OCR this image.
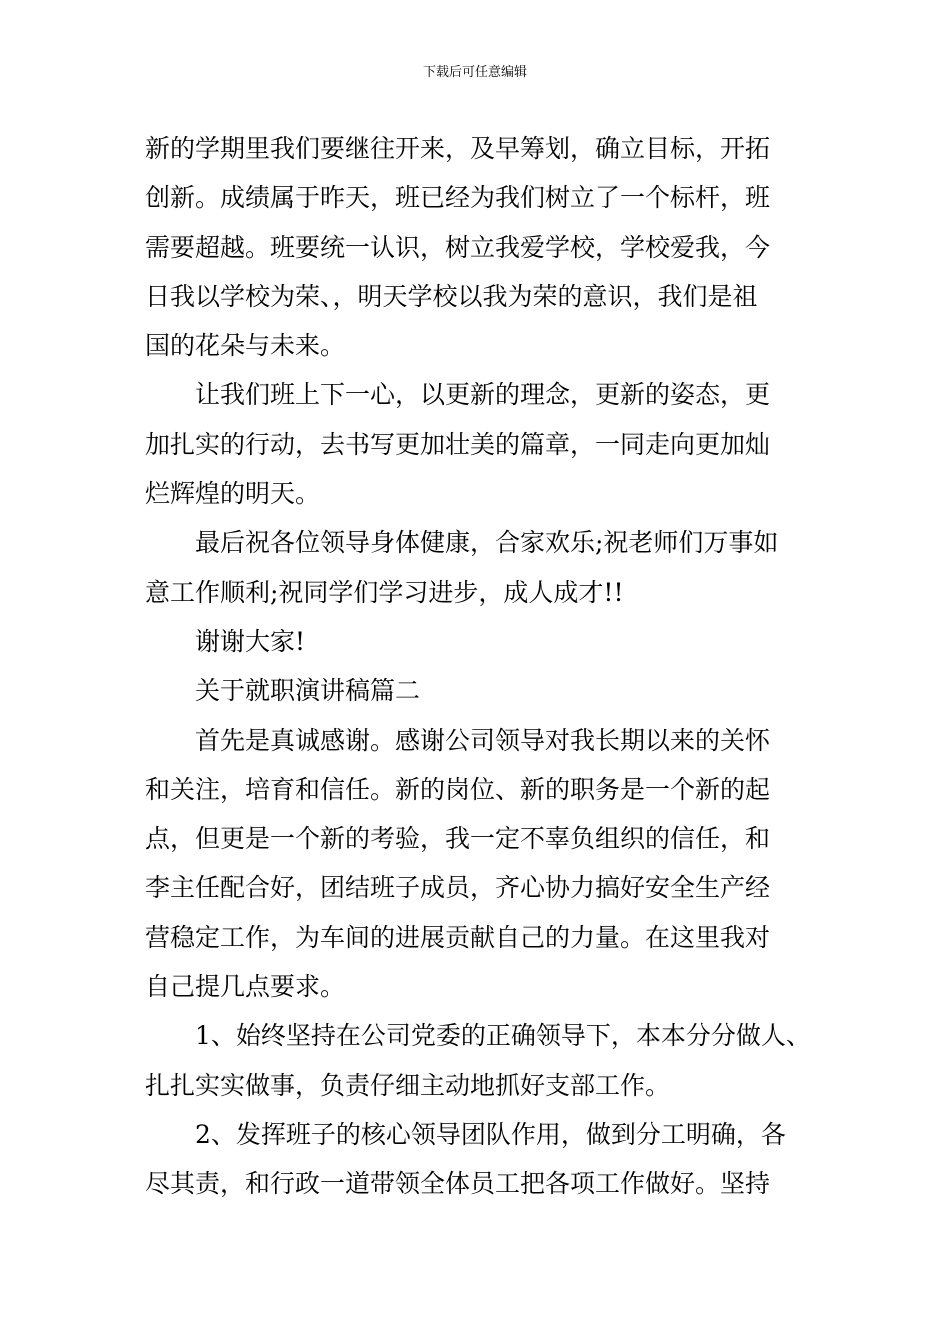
下载后可任意编辑
新的学期里我们要继往开来，及早筹划，确立目标，开拓
创新。成绩属于昨天，班已经为我们树立了一个标杆，班
需要超越。班要统一认识，树立我爱学校，学校爱我，今
日我以学校为荣、，明天学校以我为荣的意识，我们是祖
国的花朵与未来。
让我们班上下一心，以更新的理念，更新的姿态，更
加扎实的行动，去书写更加壮美的篇章，一同走向更加灿
烂辉煌的明天。
最后祝各位领导身体健康，合家欢乐;祝老师们万事如
意工作顺利;祝同学们学习进步，成人成才!!
谢谢大家!
关于就职演讲稿篇二
首先是真诚感谢。感谢公司领导对我长期以来的关怀
和关注，培育和信任。新的岗位、新的职务是一个新的起
点，但更是一个新的考验，我一定不辜负组织的信任，和
李主任配合好，团结班子成员，齐心协力搞好安全生产经
营稳定工作，为车间的进展贡献自己的力量。在这里我对
自己提几点要求。
1、始终坚持在公司党委的正确领导下，本本分分做人、
扎扎实实做事，负责仔细主动地抓好支部工作。
2、发挥班子的核心领导团队作用，做到分工明确，各
尽其责，和行政一道带领全体员工把各项工作做好。坚持
